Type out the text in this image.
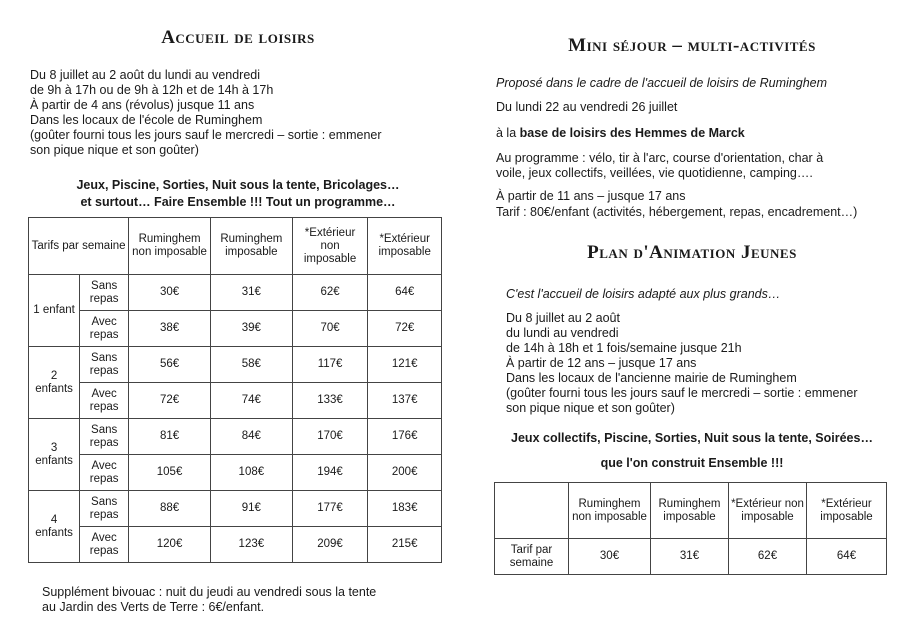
Accueil de loisirs

Du 8 juillet au 2 août du lundi au vendredi

de 9h à 17h ou de 9h à 12h et de 14h à 17h

À partir de 4 ans (révolus) jusque 11 ans

Dans les locaux de l'école de Ruminghem

(goûter fourni tous les jours sauf le mercredi – sortie : emmener

son pique nique et son goûter)

Jeux, Piscine, Sorties, Nuit sous la tente, Bricolages…

et surtout… Faire Ensemble !!! Tout un programme…

Tarifs par semaine		Ruminghem non imposable	Ruminghem imposable	*Extérieur non imposable	*Extérieur imposable
1 enfant	Sans repas	30€	31€	62€	64€
	Avec repas	38€	39€	70€	72€
2 enfants	Sans repas	56€	58€	117€	121€
	Avec repas	72€	74€	133€	137€
3 enfants	Sans repas	81€	84€	170€	176€
	Avec repas	105€	108€	194€	200€
4 enfants	Sans repas	88€	91€	177€	183€
	Avec repas	120€	123€	209€	215€

Supplément bivouac : nuit du jeudi au vendredi sous la tente

au Jardin des Verts de Terre : 6€/enfant.

Mini séjour – multi-activités

Proposé dans le cadre de l'accueil de loisirs de Ruminghem

Du lundi 22 au vendredi 26 juillet

à la base de loisirs des Hemmes de Marck

Au programme : vélo, tir à l'arc, course d'orientation, char à

voile, jeux collectifs, veillées, vie quotidienne, camping….

À partir de 11 ans – jusque 17 ans

Tarif : 80€/enfant (activités, hébergement, repas, encadrement…)

Plan d'Animation Jeunes

C'est l'accueil de loisirs adapté aux plus grands…

Du 8 juillet au 2 août

du lundi au vendredi

de 14h à 18h et 1 fois/semaine jusque 21h

À partir de 12 ans – jusque 17 ans

Dans les locaux de l'ancienne mairie de Ruminghem

(goûter fourni tous les jours sauf le mercredi – sortie : emmener

son pique nique et son goûter)

Jeux collectifs, Piscine, Sorties, Nuit sous la tente, Soirées…

que l'on construit Ensemble !!!

	Ruminghem non imposable	Ruminghem imposable	*Extérieur non imposable	*Extérieur imposable
Tarif par semaine	30€	31€	62€	64€
